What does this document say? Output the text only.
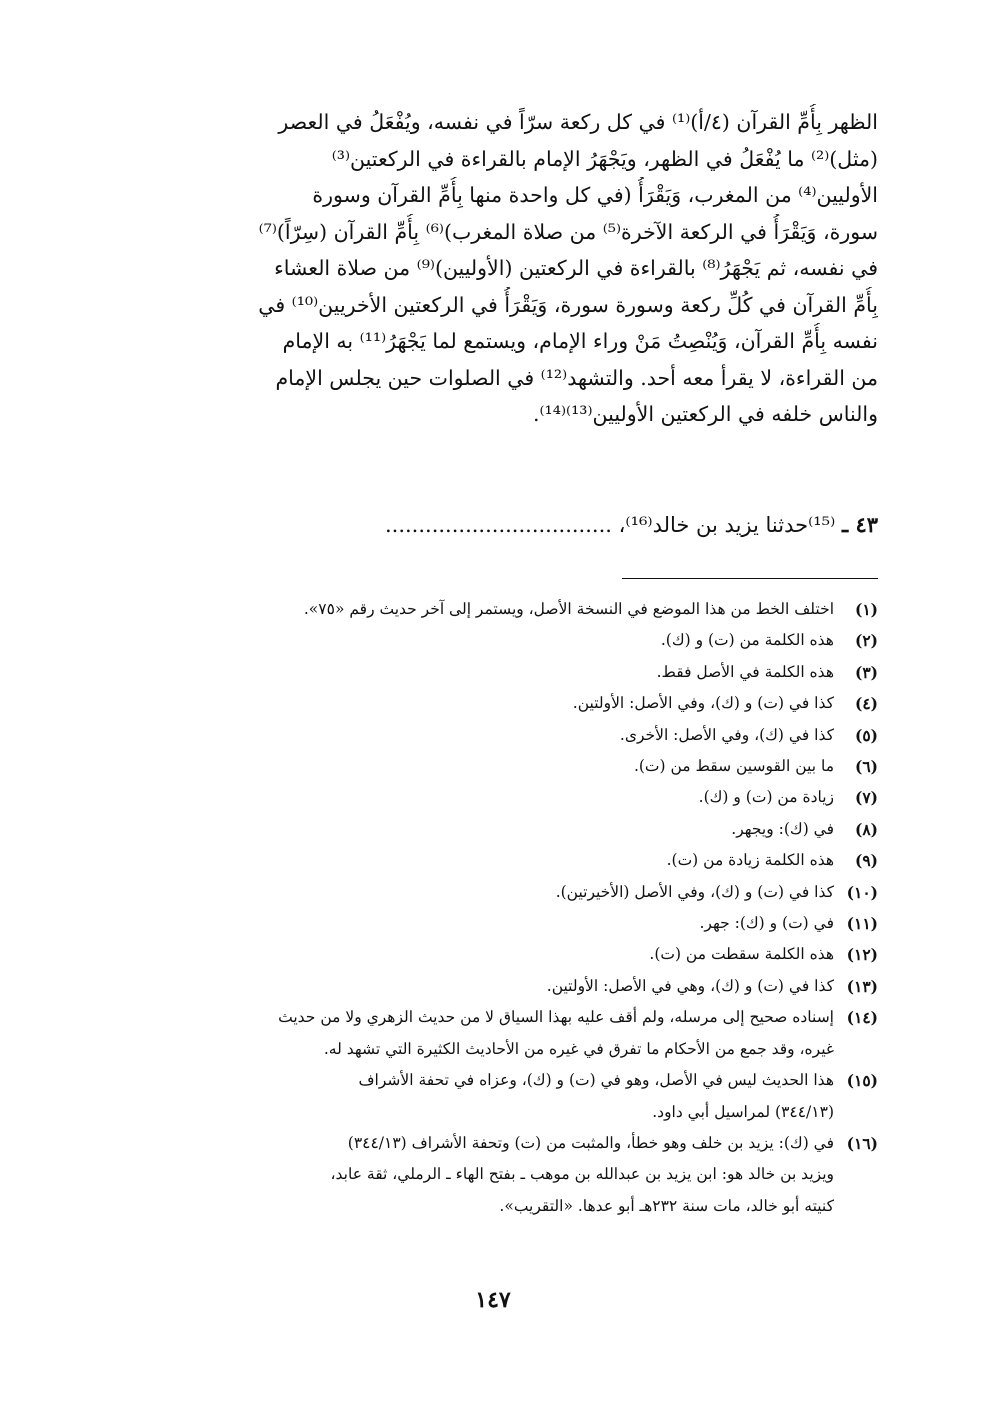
الظهر بِأُمِّ القرآن (٤/أ)⁽¹⁾ في كل ركعة سرّاً في نفسه، ويُفْعَلُ في العصر
(مثل)⁽²⁾ ما يُفْعَلُ في الظهر، ويَجْهَرُ الإمام بالقراءة في الركعتين⁽³⁾
الأوليين⁽⁴⁾ من المغرب، وَيَقْرَأُ (في كل واحدة منها بِأُمِّ القرآن وسورة
سورة، وَيَقْرَأُ في الركعة الآخرة⁽⁵⁾ من صلاة المغرب)⁽⁶⁾ بِأُمِّ القرآن (سِرّاً)⁽⁷⁾
في نفسه، ثم يَجْهَرُ⁽⁸⁾ بالقراءة في الركعتين (الأوليين)⁽⁹⁾ من صلاة العشاء
بِأُمِّ القرآن في كُلِّ ركعة وسورة سورة، وَيَقْرَأُ في الركعتين الأخريين⁽¹⁰⁾ في
نفسه بِأُمِّ القرآن، وَيُنْصِتُ مَنْ وراء الإمام، ويستمع لما يَجْهَرُ⁽¹¹⁾ به الإمام
من القراءة، لا يقرأ معه أحد. والتشهد⁽¹²⁾ في الصلوات حين يجلس الإمام
والناس خلفه في الركعتين الأوليين⁽¹³⁾⁽¹⁴⁾.
٤٣ ـ ⁽¹⁵⁾حدثنا يزيد بن خالد⁽¹⁶⁾، ..................................
(١)
اختلف الخط من هذا الموضع في النسخة الأصل، ويستمر إلى آخر حديث رقم «٧٥».
(٢)
هذه الكلمة من (ت) و (ك).
(٣)
هذه الكلمة في الأصل فقط.
(٤)
كذا في (ت) و (ك)، وفي الأصل: الأولتين.
(٥)
كذا في (ك)، وفي الأصل: الأخرى.
(٦)
ما بين القوسين سقط من (ت).
(٧)
زيادة من (ت) و (ك).
(٨)
في (ك): ويجهر.
(٩)
هذه الكلمة زيادة من (ت).
(١٠)
كذا في (ت) و (ك)، وفي الأصل (الأخيرتين).
(١١)
في (ت) و (ك): جهر.
(١٢)
هذه الكلمة سقطت من (ت).
(١٣)
كذا في (ت) و (ك)، وهي في الأصل: الأولتين.
(١٤)
إسناده صحيح إلى مرسله، ولم أقف عليه بهذا السياق لا من حديث الزهري ولا من حديث
غيره، وقد جمع من الأحكام ما تفرق في غيره من الأحاديث الكثيرة التي تشهد له.
(١٥)
هذا الحديث ليس في الأصل، وهو في (ت) و (ك)، وعزاه في تحفة الأشراف
(٣٤٤/١٣) لمراسيل أبي داود.
(١٦)
في (ك): يزيد بن خلف وهو خطأ، والمثبت من (ت) وتحفة الأشراف (٣٤٤/١٣)
ويزيد بن خالد هو: ابن يزيد بن عبدالله بن موهب ـ بفتح الهاء ـ الرملي، ثقة عابد،
كنيته أبو خالد، مات سنة ٢٣٢هـ أبو عدها. «التقريب».
١٤٧
